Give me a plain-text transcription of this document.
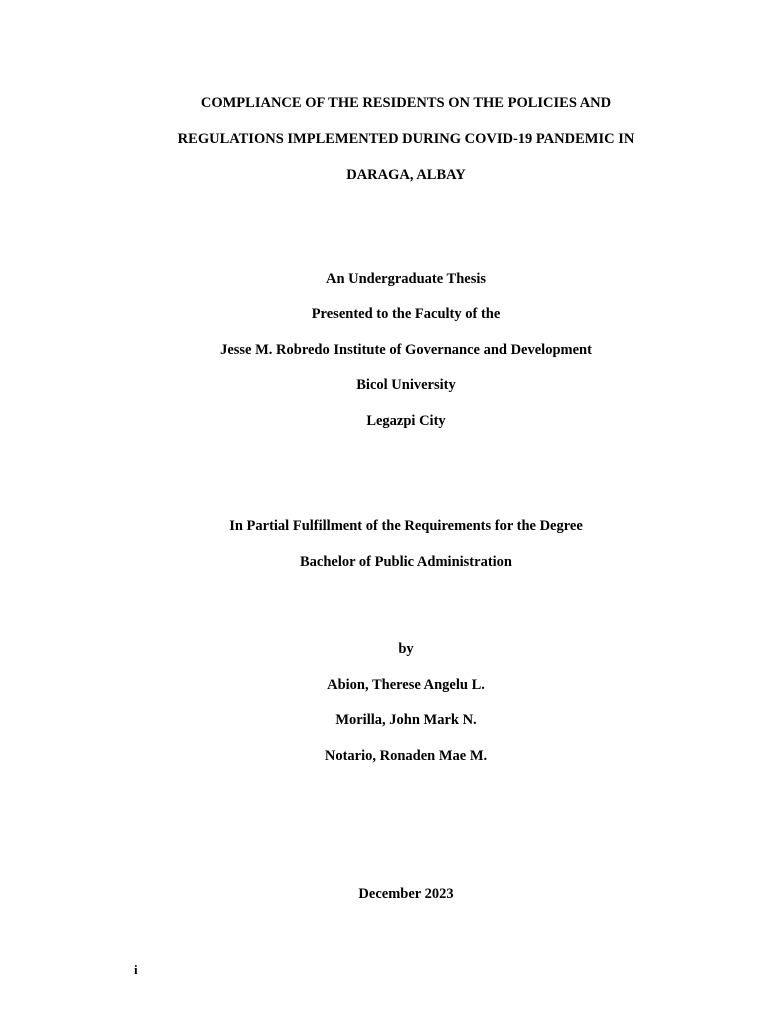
COMPLIANCE OF THE RESIDENTS ON THE POLICIES AND
REGULATIONS IMPLEMENTED DURING COVID-19 PANDEMIC IN
DARAGA, ALBAY
An Undergraduate Thesis
Presented to the Faculty of the
Jesse M. Robredo Institute of Governance and Development
Bicol University
Legazpi City
In Partial Fulfillment of the Requirements for the Degree
Bachelor of Public Administration
by
Abion, Therese Angelu L.
Morilla, John Mark N.
Notario, Ronaden Mae M.
December 2023
i
